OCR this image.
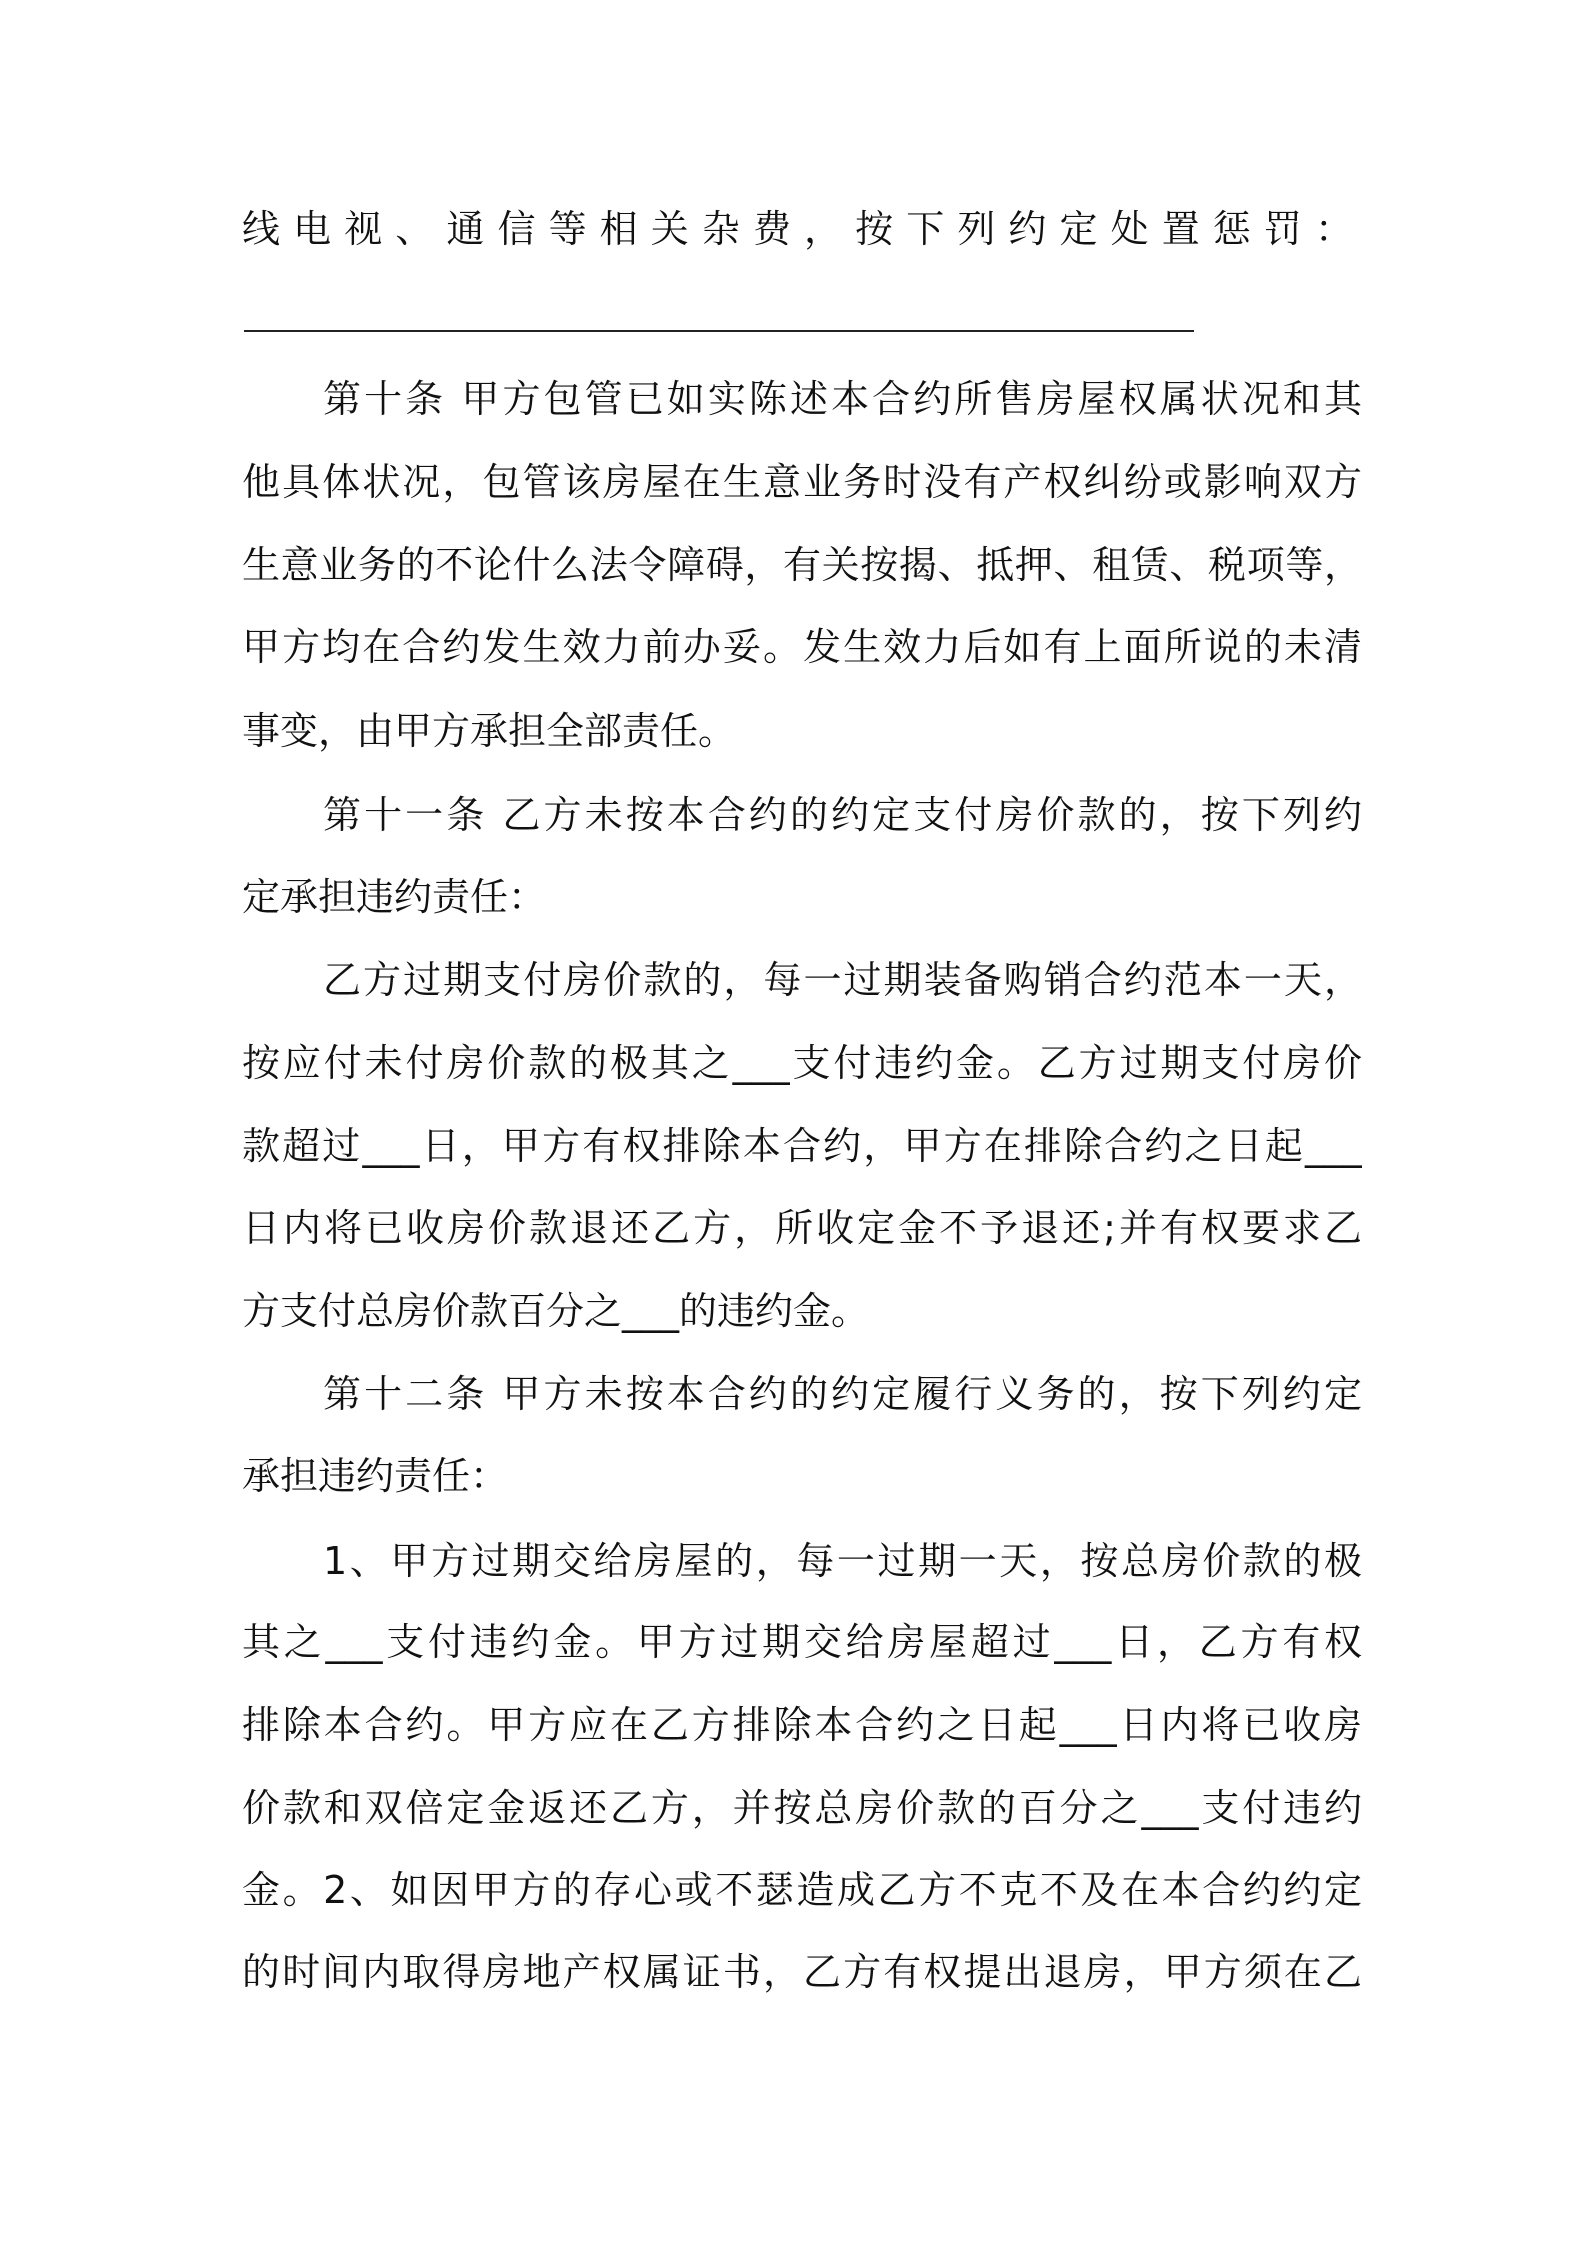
线电视、通信等相关杂费，按下列约定处置惩罚：

第十条 甲方包管已如实陈述本合约所售房屋权属状况和其

他具体状况，包管该房屋在生意业务时没有产权纠纷或影响双方

生意业务的不论什么法令障碍，有关按揭、抵押、租赁、税项等，

甲方均在合约发生效力前办妥。发生效力后如有上面所说的未清

事变，由甲方承担全部责任。

第十一条 乙方未按本合约的约定支付房价款的，按下列约

定承担违约责任：

乙方过期支付房价款的，每一过期装备购销合约范本一天，

按应付未付房价款的极其之___支付违约金。乙方过期支付房价

款超过___日，甲方有权排除本合约，甲方在排除合约之日起___

日内将已收房价款退还乙方，所收定金不予退还;并有权要求乙

方支付总房价款百分之___的违约金。

第十二条 甲方未按本合约的约定履行义务的，按下列约定

承担违约责任：

1、甲方过期交给房屋的，每一过期一天，按总房价款的极

其之___支付违约金。甲方过期交给房屋超过___日，乙方有权

排除本合约。甲方应在乙方排除本合约之日起___日内将已收房

价款和双倍定金返还乙方，并按总房价款的百分之___支付违约

金。2、如因甲方的存心或不瑟造成乙方不克不及在本合约约定

的时间内取得房地产权属证书，乙方有权提出退房，甲方须在乙
